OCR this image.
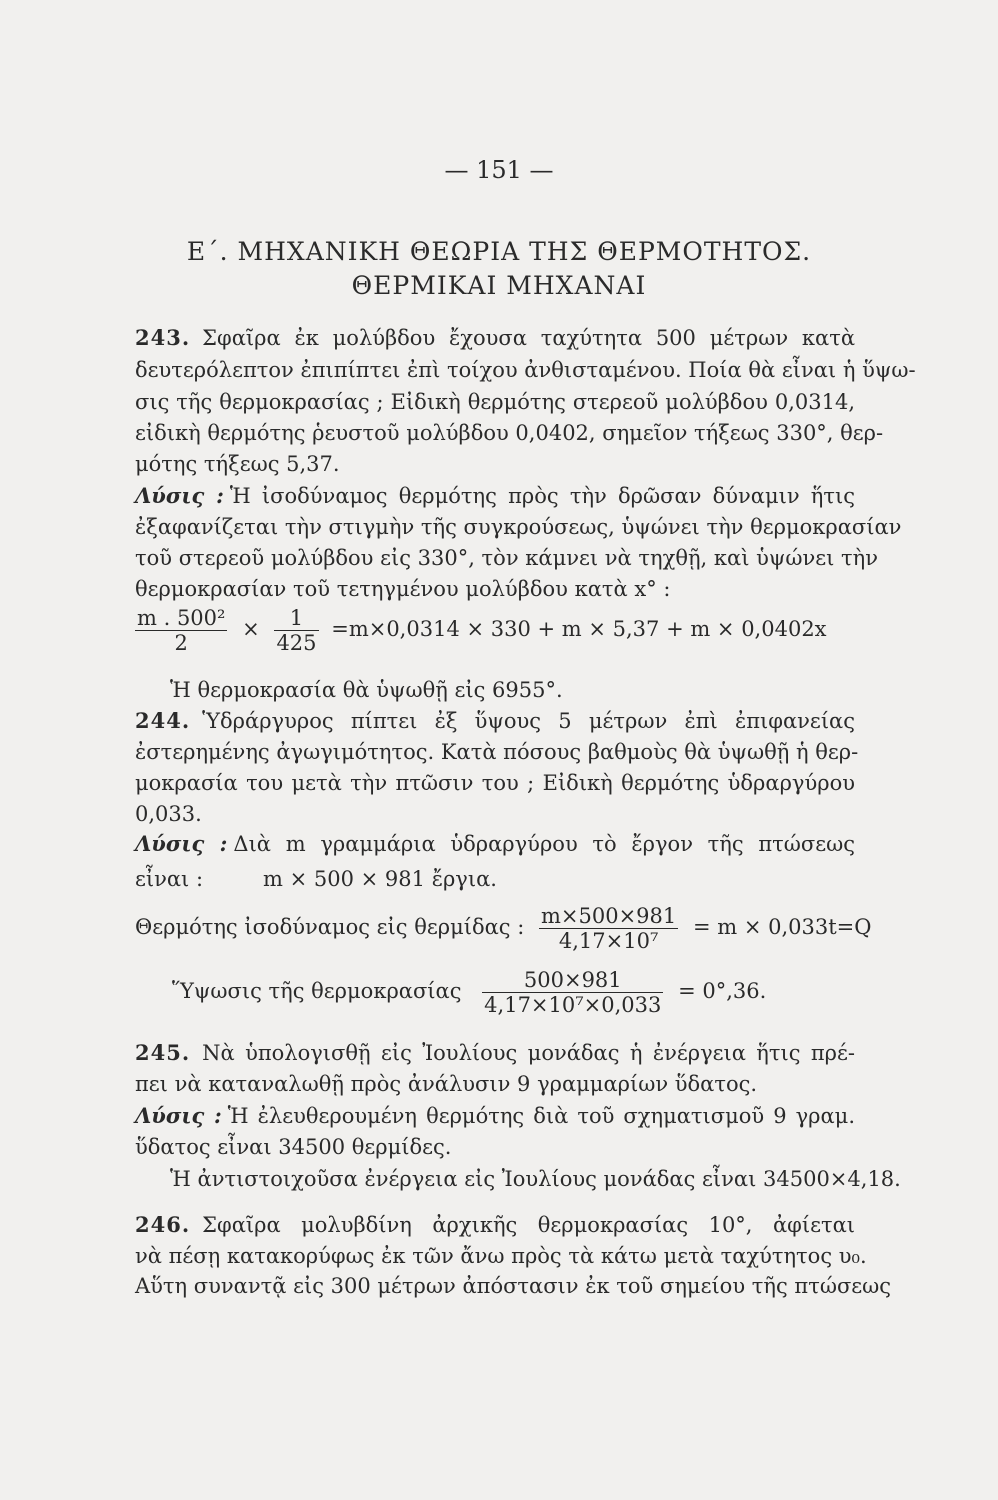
— 151 —
Ε΄. ΜΗΧΑΝΙΚΗ ΘΕΩΡΙΑ ΤΗΣ ΘΕΡΜΟΤΗΤΟΣ.
ΘΕΡΜΙΚΑΙ ΜΗΧΑΝΑΙ
243. Σφαῖρα ἐκ μολύβδου ἔχουσα ταχύτητα 500 μέτρων κατὰ
δευτερόλεπτον ἐπιπίπτει ἐπὶ τοίχου ἀνθισταμένου. Ποία θὰ εἶναι ἡ ὕψω-
σις τῆς θερμοκρασίας ; Εἰδικὴ θερμότης στερεοῦ μολύβδου 0,0314,
εἰδικὴ θερμότης ῥευστοῦ μολύβδου 0,0402, σημεῖον τήξεως 330°, θερ-
μότης τήξεως 5,37.
Λύσις : Ἡ ἰσοδύναμος θερμότης πρὸς τὴν δρῶσαν δύναμιν ἥτις
ἐξαφανίζεται τὴν στιγμὴν τῆς συγκρούσεως, ὑψώνει τὴν θερμοκρασίαν
τοῦ στερεοῦ μολύβδου εἰς 330°, τὸν κάμνει νὰ τηχθῇ, καὶ ὑψώνει τὴν
θερμοκρασίαν τοῦ τετηγμένου μολύβδου κατὰ x° :
$\frac{\text{m . 500²}}{2} \times \frac{1}{425} =m\times 0,0314 \times 330 + m \times 5,37 + m \times 0,0402x$
Ἡ θερμοκρασία θὰ ὑψωθῇ εἰς 6955°.
244. Ὑδράργυρος πίπτει ἐξ ὕψους 5 μέτρων ἐπὶ ἐπιφανείας
ἐστερημένης ἀγωγιμότητος. Κατὰ πόσους βαθμοὺς θὰ ὑψωθῇ ἡ θερ-
μοκρασία του μετὰ τὴν πτῶσιν του ; Εἰδικὴ θερμότης ὑδραργύρου
0,033.
Λύσις : Διὰ m γραμμάρια ὑδραργύρου τὸ ἔργον τῆς πτώσεως
εἶναι :	m × 500 × 981 ἔργια.
Θερμότης ἰσοδύναμος εἰς θερμίδας : $\frac{m\times 500\times 981}{\text{4,17×10⁷}} = m \times 0,033t=Q$
Ὕψωσις τῆς θερμοκρασίας $\frac{500\times 981}{\text{4,17×10⁷×0,033}} = 0^\circ,36$.
245. Νὰ ὑπολογισθῇ εἰς Ἰουλίους μονάδας ἡ ἐνέργεια ἥτις πρέ-
πει νὰ καταναλωθῇ πρὸς ἀνάλυσιν 9 γραμμαρίων ὕδατος.
Λύσις : Ἡ ἐλευθερουμένη θερμότης διὰ τοῦ σχηματισμοῦ 9 γραμ.
ὕδατος εἶναι 34500 θερμίδες.
Ἡ ἀντιστοιχοῦσα ἐνέργεια εἰς Ἰουλίους μονάδας εἶναι 34500×4,18.
246. Σφαῖρα μολυβδίνη ἀρχικῆς θερμοκρασίας 10°, ἀφίεται
νὰ πέσῃ κατακορύφως ἐκ τῶν ἄνω πρὸς τὰ κάτω μετὰ ταχύτητος υ₀.
Αὕτη συναντᾷ εἰς 300 μέτρων ἀπόστασιν ἐκ τοῦ σημείου τῆς πτώσεως
